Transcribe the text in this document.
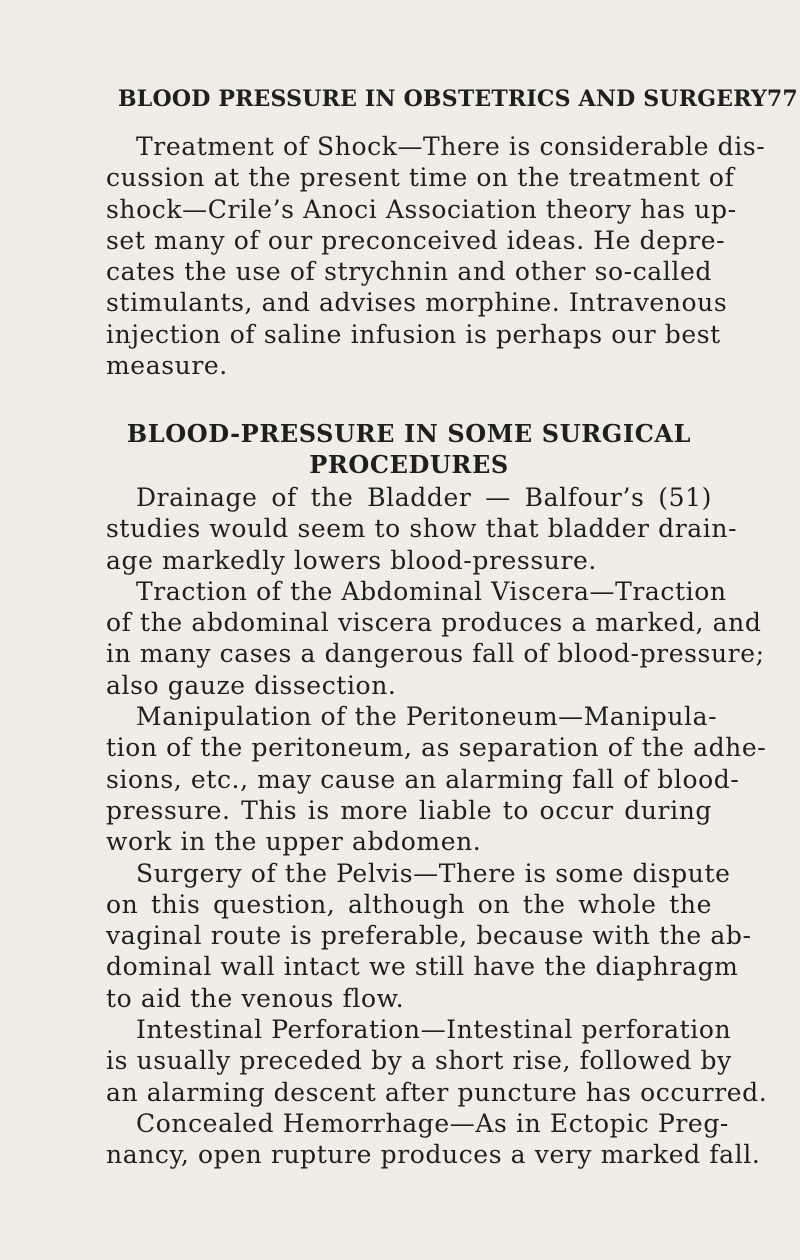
BLOOD PRESSURE IN OBSTETRICS AND SURGERY 77
Treatment of Shock—There is considerable dis-
cussion at the present time on the treatment of
shock—Crile’s Anoci Association theory has up-
set many of our preconceived ideas. He depre-
cates the use of strychnin and other so-called
stimulants, and advises morphine. Intravenous
injection of saline infusion is perhaps our best
measure.
BLOOD-PRESSURE IN SOME SURGICAL
PROCEDURES
Drainage of the Bladder — Balfour’s (51)
studies would seem to show that bladder drain-
age markedly lowers blood-pressure.
Traction of the Abdominal Viscera—Traction
of the abdominal viscera produces a marked, and
in many cases a dangerous fall of blood-pressure;
also gauze dissection.
Manipulation of the Peritoneum—Manipula-
tion of the peritoneum, as separation of the adhe-
sions, etc., may cause an alarming fall of blood-
pressure. This is more liable to occur during
work in the upper abdomen.
Surgery of the Pelvis—There is some dispute
on this question, although on the whole the
vaginal route is preferable, because with the ab-
dominal wall intact we still have the diaphragm
to aid the venous flow.
Intestinal Perforation—Intestinal perforation
is usually preceded by a short rise, followed by
an alarming descent after puncture has occurred.
Concealed Hemorrhage—As in Ectopic Preg-
nancy, open rupture produces a very marked fall.
